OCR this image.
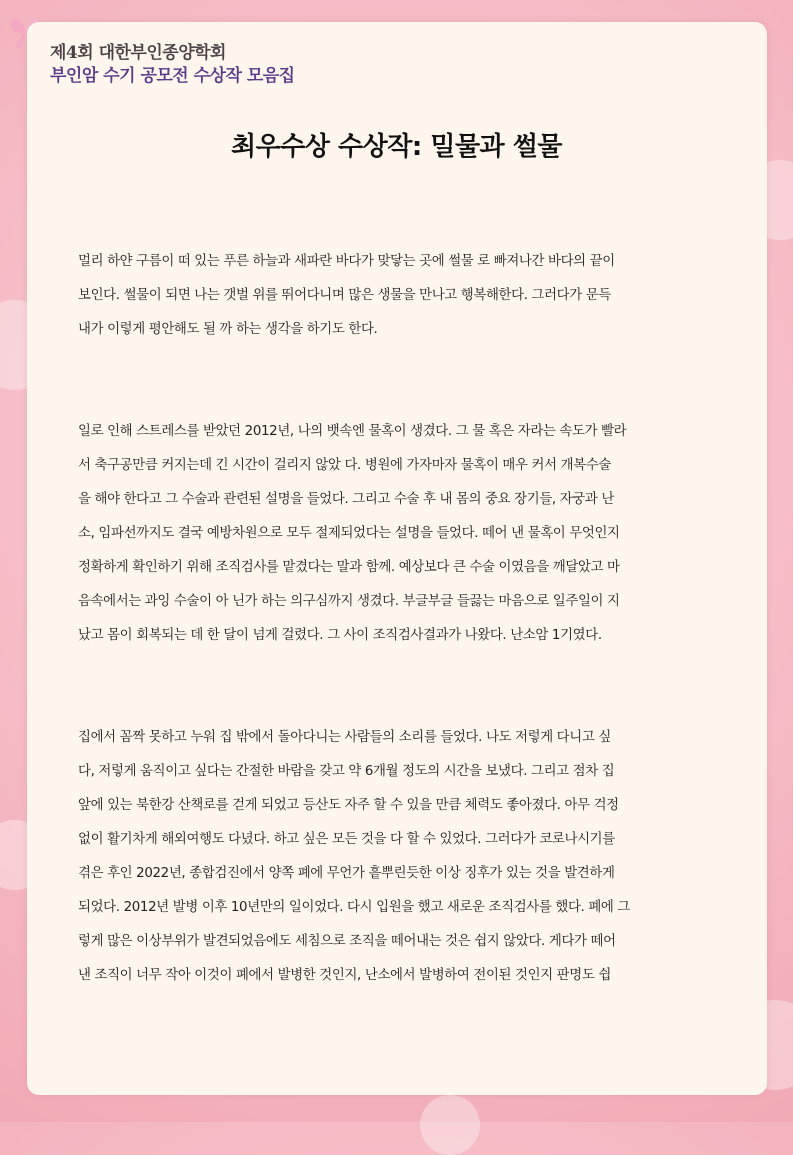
제4회 대한부인종양학회
부인암 수기 공모전 수상작 모음집
최우수상 수상작: 밀물과 썰물

멀리 하얀 구름이 떠 있는 푸른 하늘과 새파란 바다가 맞닿는 곳에 썰물 로 빠져나간 바다의 끝이
보인다. 썰물이 되면 나는 갯벌 위를 뛰어다니며 많은 생물을 만나고 행복해한다. 그러다가 문득
내가 이렇게 평안해도 될 까 하는 생각을 하기도 한다.

일로 인해 스트레스를 받았던 2012년, 나의 뱃속엔 물혹이 생겼다. 그 물 혹은 자라는 속도가 빨라
서 축구공만큼 커지는데 긴 시간이 걸리지 않았 다. 병원에 가자마자 물혹이 매우 커서 개복수술
을 해야 한다고 그 수술과 관련된 설명을 들었다. 그리고 수술 후 내 몸의 중요 장기들, 자궁과 난
소, 임파선까지도 결국 예방차원으로 모두 절제되었다는 설명을 들었다. 떼어 낸 물혹이 무엇인지
정확하게 확인하기 위해 조직검사를 맡겼다는 말과 함께. 예상보다 큰 수술 이였음을 깨달았고 마
음속에서는 과잉 수술이 아 닌가 하는 의구심까지 생겼다. 부글부글 들끓는 마음으로 일주일이 지
났고 몸이 회복되는 데 한 달이 넘게 걸렸다. 그 사이 조직검사결과가 나왔다. 난소암 1기였다.

집에서 꼼짝 못하고 누워 집 밖에서 돌아다니는 사람들의 소리를 들었다. 나도 저렇게 다니고 싶
다, 저렇게 움직이고 싶다는 간절한 바람을 갖고 약 6개월 정도의 시간을 보냈다. 그리고 점차 집
앞에 있는 북한강 산책로를 걷게 되었고 등산도 자주 할 수 있을 만큼 체력도 좋아졌다. 아무 걱정
없이 활기차게 해외여행도 다녔다. 하고 싶은 모든 것을 다 할 수 있었다. 그러다가 코로나시기를
겪은 후인 2022년, 종합검진에서 양쪽 폐에 무언가 흩뿌린듯한 이상 징후가 있는 것을 발견하게
되었다. 2012년 발병 이후 10년만의 일이었다. 다시 입원을 했고 새로운 조직검사를 했다. 폐에 그
렇게 많은 이상부위가 발견되었음에도 세침으로 조직을 떼어내는 것은 쉽지 않았다. 게다가 떼어
낸 조직이 너무 작아 이것이 폐에서 발병한 것인지, 난소에서 발병하여 전이된 것인지 판명도 쉽
